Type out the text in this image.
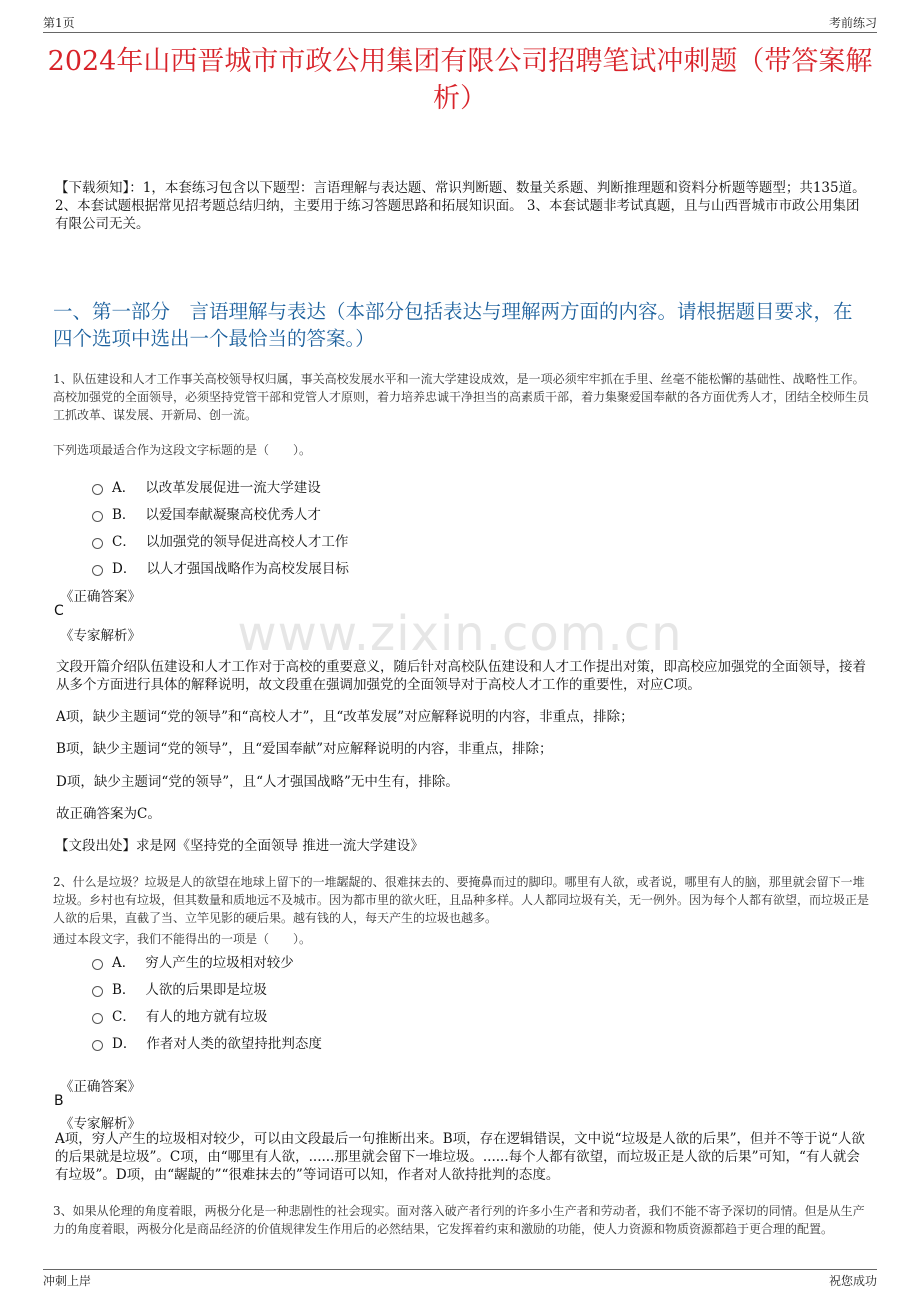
第1页	考前练习
2024年山西晋城市市政公用集团有限公司招聘笔试冲刺题（带答案解析）
【下载须知】：1，本套练习包含以下题型：言语理解与表达题、常识判断题、数量关系题、判断推理题和资料分析题等题型；共135道。 2、本套试题根据常见招考题总结归纳，主要用于练习答题思路和拓展知识面。 3、本套试题非考试真题，且与山西晋城市市政公用集团有限公司无关。
一、第一部分　言语理解与表达（本部分包括表达与理解两方面的内容。请根据题目要求，在四个选项中选出一个最恰当的答案。）
www.zixin.com.cn
1、队伍建设和人才工作事关高校领导权归属，事关高校发展水平和一流大学建设成效，是一项必须牢牢抓在手里、丝毫不能松懈的基础性、战略性工作。高校加强党的全面领导，必须坚持党管干部和党管人才原则，着力培养忠诚干净担当的高素质干部，着力集聚爱国奉献的各方面优秀人才，团结全校师生员工抓改革、谋发展、开新局、创一流。
下列选项最适合作为这段文字标题的是（　　）。
A． 以改革发展促进一流大学建设
B． 以爱国奉献凝聚高校优秀人才
C． 以加强党的领导促进高校人才工作
D． 以人才强国战略作为高校发展目标
《正确答案》
C
《专家解析》
文段开篇介绍队伍建设和人才工作对于高校的重要意义，随后针对高校队伍建设和人才工作提出对策，即高校应加强党的全面领导，接着从多个方面进行具体的解释说明，故文段重在强调加强党的全面领导对于高校人才工作的重要性，对应C项。
A项，缺少主题词“党的领导”和“高校人才”，且“改革发展”对应解释说明的内容，非重点，排除；
B项，缺少主题词“党的领导”，且“爱国奉献”对应解释说明的内容，非重点，排除；
D项，缺少主题词“党的领导”，且“人才强国战略”无中生有，排除。
故正确答案为C。
【文段出处】求是网《坚持党的全面领导 推进一流大学建设》
2、什么是垃圾？垃圾是人的欲望在地球上留下的一堆龌龊的、很难抹去的、要掩鼻而过的脚印。哪里有人欲，或者说，哪里有人的脑，那里就会留下一堆垃圾。乡村也有垃圾，但其数量和质地远不及城市。因为都市里的欲火旺，且品种多样。人人都同垃圾有关，无一例外。因为每个人都有欲望，而垃圾正是人欲的后果，直截了当、立竿见影的硬后果。越有钱的人，每天产生的垃圾也越多。
通过本段文字，我们不能得出的一项是（　　）。
A． 穷人产生的垃圾相对较少
B． 人欲的后果即是垃圾
C． 有人的地方就有垃圾
D． 作者对人类的欲望持批判态度
《正确答案》
B
《专家解析》
A项，穷人产生的垃圾相对较少，可以由文段最后一句推断出来。B项，存在逻辑错误，文中说“垃圾是人欲的后果”，但并不等于说“人欲的后果就是垃圾”。C项，由“哪里有人欲，......那里就会留下一堆垃圾。......每个人都有欲望，而垃圾正是人欲的后果”可知，“有人就会有垃圾”。D项，由“龌龊的”“很难抹去的”等词语可以知，作者对人欲持批判的态度。
3、如果从伦理的角度着眼，两极分化是一种悲剧性的社会现实。面对落入破产者行列的许多小生产者和劳动者，我们不能不寄予深切的同情。但是从生产力的角度着眼，两极分化是商品经济的价值规律发生作用后的必然结果，它发挥着约束和激励的功能，使人力资源和物质资源都趋于更合理的配置。
冲刺上岸	祝您成功
